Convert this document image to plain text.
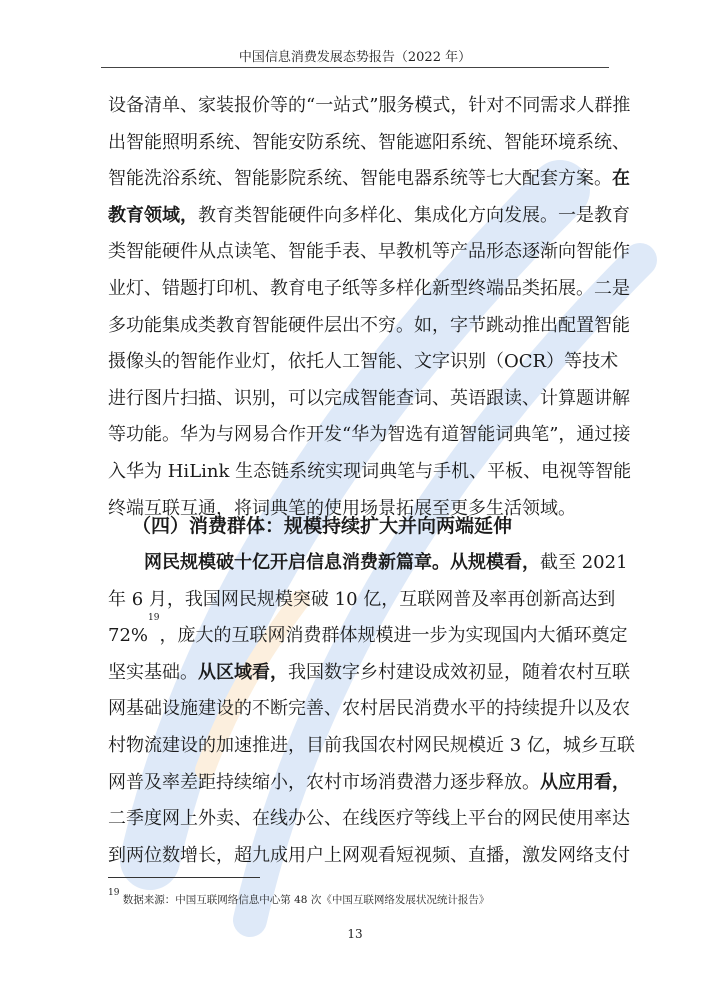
中国信息消费发展态势报告（2022 年）
设 备 清 单 、 家 装 报 价 等 的 “ 一 站 式 ” 服 务 模 式 ， 针 对 不 同 需 求 人 群 推
出 智 能 照 明 系 统 、 智 能 安 防 系 统 、 智 能 遮 阳 系 统 、 智 能 环 境 系 统 、
智 能 洗 浴 系 统 、 智 能 影 院 系 统 、 智 能 电 器 系 统 等 七 大 配 套 方 案 。 在
教 育 领 域 ， 教 育 类 智 能 硬 件 向 多 样 化 、 集 成 化 方 向 发 展 。 一 是 教 育
类 智 能 硬 件 从 点 读 笔 、 智 能 手 表 、 早 教 机 等 产 品 形 态 逐 渐 向 智 能 作
业 灯 、 错 题 打 印 机 、 教 育 电 子 纸 等 多 样 化 新 型 终 端 品 类 拓 展 。 二 是
多 功 能 集 成 类 教 育 智 能 硬 件 层 出 不 穷 。 如 ， 字 节 跳 动 推 出 配 置 智 能
摄 像 头 的 智 能 作 业 灯 ， 依 托 人 工 智 能 、 文 字 识 别 （ OCR ） 等 技 术
进 行 图 片 扫 描 、 识 别 ， 可 以 完 成 智 能 查 词 、 英 语 跟 读 、 计 算 题 讲 解
等 功 能 。 华 为 与 网 易 合 作 开 发 “ 华 为 智 选 有 道 智 能 词 典 笔 ” ， 通 过 接
入 华 为
HiLink
生 态 链 系 统 实 现 词 典 笔 与 手 机 、 平 板 、 电 视 等 智 能
终 端 互 联 互 通 ， 将 词 典 笔 的 使 用 场 景 拓 展 至 更 多 生 活 领 域 。
（四）消费群体：规模持续扩大并向两端延伸

网 民 规 模 破 十 亿 开 启 信 息 消 费 新 篇 章 。 从 规 模 看 ， 截 至
2021
年
6
月 ， 我 国 网 民 规 模 突 破
10
亿 ， 互 联 网 普 及 率 再 创 新 高 达 到
72%
19
， 庞 大 的 互 联 网 消 费 群 体 规 模 进 一 步 为 实 现 国 内 大 循 环 奠 定
坚 实 基 础 。 从 区 域 看 ， 我 国 数 字 乡 村 建 设 成 效 初 显 ， 随 着 农 村 互 联
网 基 础 设 施 建 设 的 不 断 完 善 、 农 村 居 民 消 费 水 平 的 持 续 提 升 以 及 农
村 物 流 建 设 的 加 速 推 进 ， 目 前 我 国 农 村 网 民 规 模 近
3
亿 ， 城 乡 互 联
网 普 及 率 差 距 持 续 缩 小 ， 农 村 市 场 消 费 潜 力 逐 步 释 放 。 从 应 用 看 ，
二 季 度 网 上 外 卖 、 在 线 办 公 、 在 线 医 疗 等 线 上 平 台 的 网 民 使 用 率 达
到 两 位 数 增 长 ， 超 九 成 用 户 上 网 观 看 短 视 频 、 直 播 ， 激 发 网 络 支 付
19 数据来源：中国互联网络信息中心第 48 次《中国互联网络发展状况统计报告》
13
